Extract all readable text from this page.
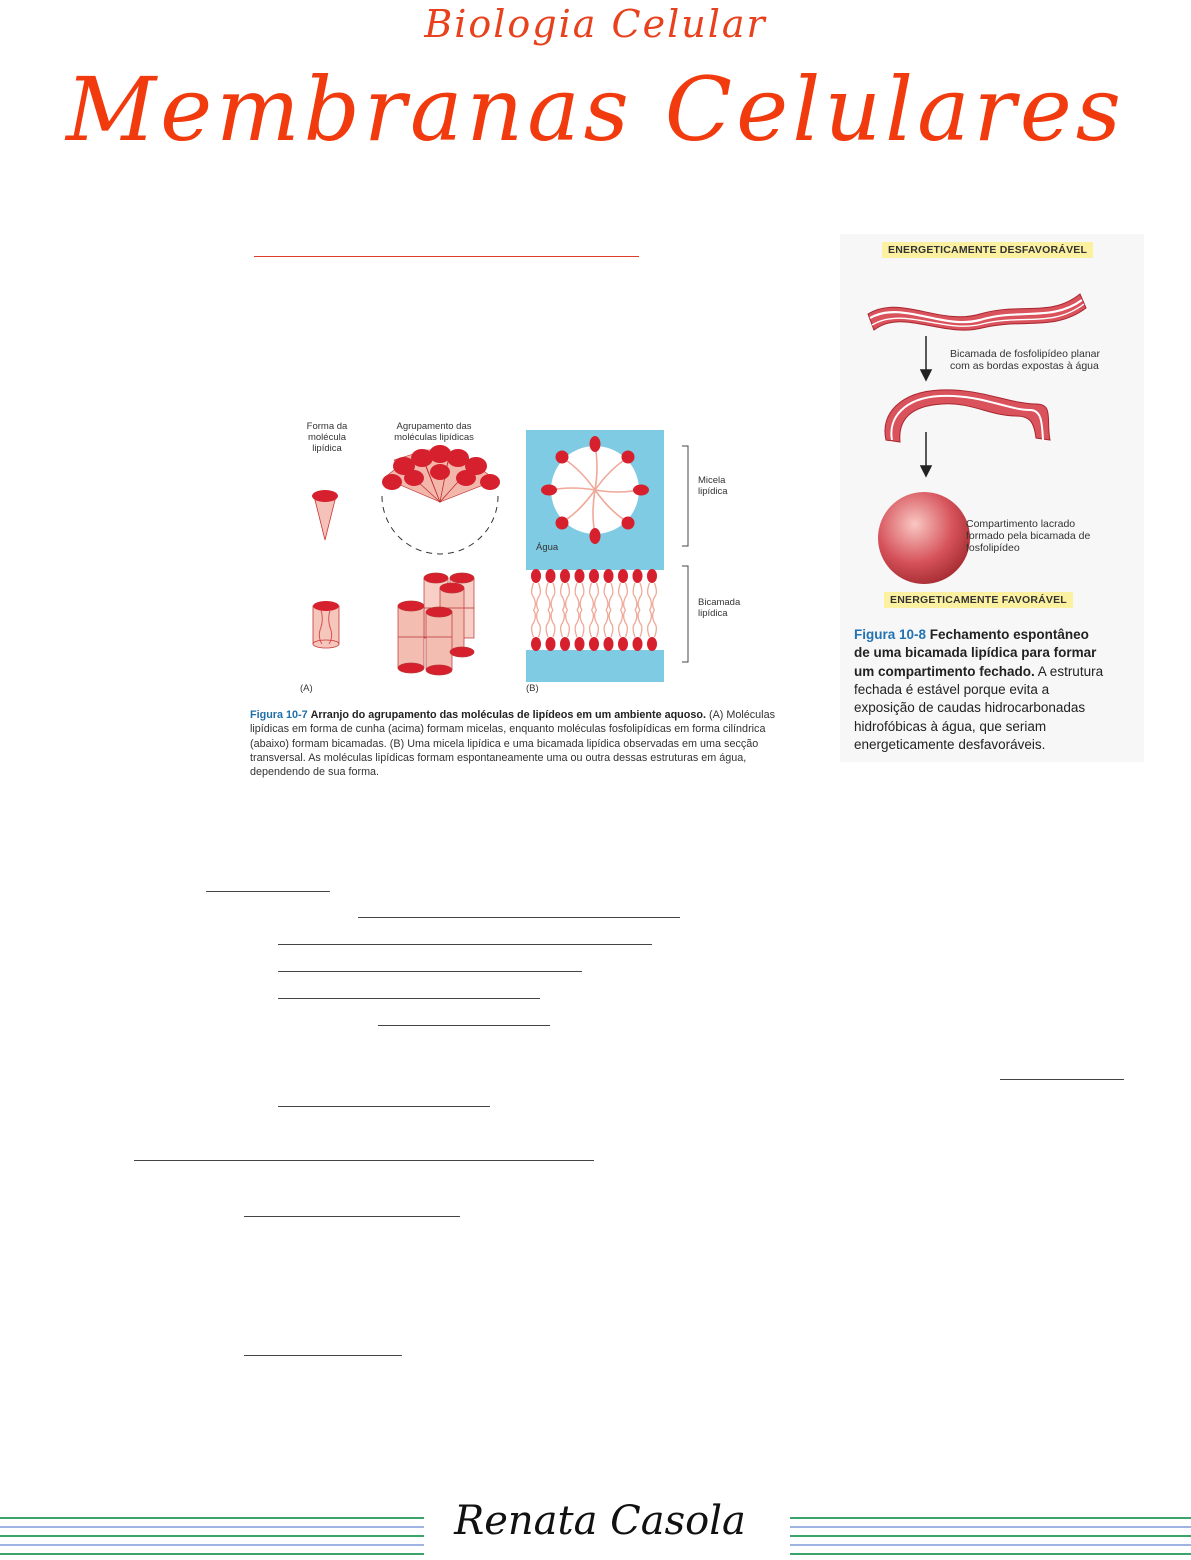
Biologia Celular
Membranas Celulares
Forma da molécula lipídica
Agrupamento das moléculas lipídicas
Micela lipídica
Água
Bicamada lipídica
(A)	(B)
Figura 10-7 Arranjo do agrupamento das moléculas de lipídeos em um ambiente aquoso. (A) Moléculas lipídicas em forma de cunha (acima) formam micelas, enquanto moléculas fosfolipídicas em forma cilíndrica (abaixo) formam bicamadas. (B) Uma micela lipídica e uma bicamada lipídica observadas em uma secção transversal. As moléculas lipídicas formam espontaneamente uma ou outra dessas estruturas em água, dependendo de sua forma.
ENERGETICAMENTE DESFAVORÁVEL
Bicamada de fosfolipídeo planar com as bordas expostas à água
Compartimento lacrado formado pela bicamada de fosfolipídeo
ENERGETICAMENTE FAVORÁVEL
Figura 10-8 Fechamento espontâneo de uma bicamada lipídica para formar um compartimento fechado. A estrutura fechada é estável porque evita a exposição de caudas hidrocarbonadas hidrofóbicas à água, que seriam energeticamente desfavoráveis.
Renata Casola
